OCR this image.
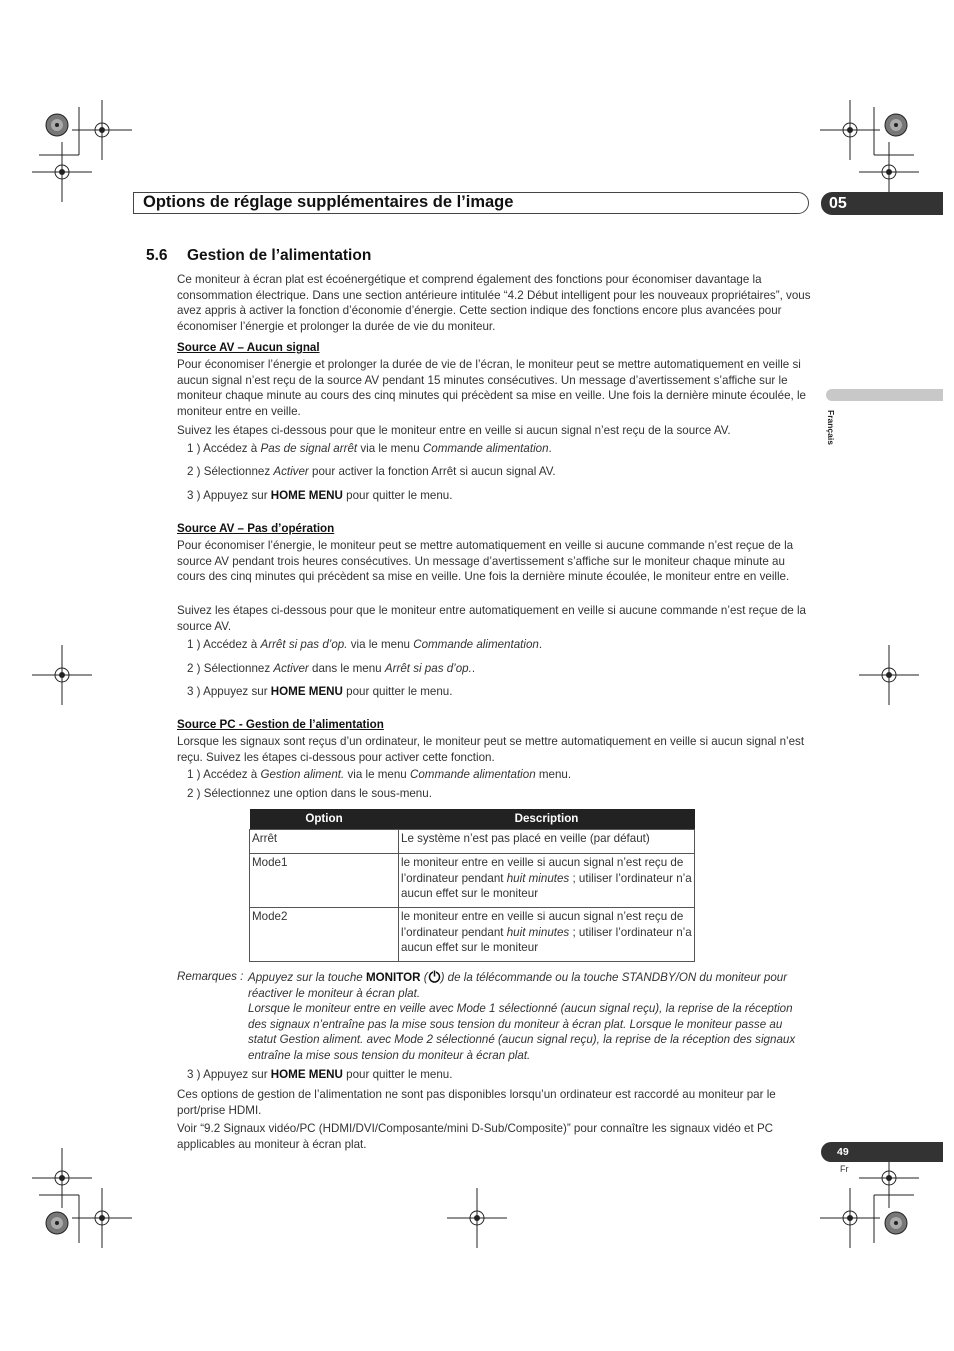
Options de réglage supplémentaires de l’image	05
Français
5.6 Gestion de l’alimentation

Ce moniteur à écran plat est écoénergétique et comprend également des fonctions pour économiser davantage la consommation électrique. Dans une section antérieure intitulée “4.2 Début intelligent pour les nouveaux propriétaires”, vous avez appris à activer la fonction d’économie d’énergie. Cette section indique des fonctions encore plus avancées pour économiser l’énergie et prolonger la durée de vie du moniteur.

Source AV – Aucun signal

Pour économiser l’énergie et prolonger la durée de vie de l’écran, le moniteur peut se mettre automatiquement en veille si aucun signal n’est reçu de la source AV pendant 15 minutes consécutives. Un message d’avertissement s’affiche sur le moniteur chaque minute au cours des cinq minutes qui précèdent sa mise en veille. Une fois la dernière minute écoulée, le moniteur entre en veille.

Suivez les étapes ci-dessous pour que le moniteur entre en veille si aucun signal n’est reçu de la source AV.

1 ) Accédez à Pas de signal arrêt via le menu Commande alimentation.
2 ) Sélectionnez Activer pour activer la fonction Arrêt si aucun signal AV.
3 ) Appuyez sur HOME MENU pour quitter le menu.
Source AV – Pas d’opération

Pour économiser l’énergie, le moniteur peut se mettre automatiquement en veille si aucune commande n’est reçue de la source AV pendant trois heures consécutives. Un message d’avertissement s’affiche sur le moniteur chaque minute au cours des cinq minutes qui précèdent sa mise en veille. Une fois la dernière minute écoulée, le moniteur entre en veille.

Suivez les étapes ci-dessous pour que le moniteur entre automatiquement en veille si aucune commande n’est reçue de la source AV.

1 ) Accédez à Arrêt si pas d’op. via le menu Commande alimentation.
2 ) Sélectionnez Activer dans le menu Arrêt si pas d’op..
3 ) Appuyez sur HOME MENU pour quitter le menu.
Source PC - Gestion de l’alimentation

Lorsque les signaux sont reçus d’un ordinateur, le moniteur peut se mettre automatiquement en veille si aucun signal n’est reçu. Suivez les étapes ci-dessous pour activer cette fonction.

1 ) Accédez à Gestion aliment. via le menu Commande alimentation menu.
2 ) Sélectionnez une option dans le sous-menu.
Option	Description
Arrêt	Le système n’est pas placé en veille (par défaut)
Mode1	le moniteur entre en veille si aucun signal n’est reçu de l’ordinateur pendant huit minutes ; utiliser l’ordinateur n’a aucun effet sur le moniteur
Mode2	le moniteur entre en veille si aucun signal n’est reçu de l’ordinateur pendant huit minutes ; utiliser l’ordinateur n’a aucun effet sur le moniteur
Remarques : Appuyez sur la touche MONITOR ( ) de la télécommande ou la touche STANDBY/ON du moniteur pour réactiver le moniteur à écran plat.

Lorsque le moniteur entre en veille avec Mode 1 sélectionné (aucun signal reçu), la reprise de la réception des signaux n’entraîne pas la mise sous tension du moniteur à écran plat. Lorsque le moniteur passe au statut Gestion aliment. avec Mode 2 sélectionné (aucun signal reçu), la reprise de la réception des signaux entraîne la mise sous tension du moniteur à écran plat.

3 ) Appuyez sur HOME MENU pour quitter le menu.

Ces options de gestion de l’alimentation ne sont pas disponibles lorsqu’un ordinateur est raccordé au moniteur par le port/prise HDMI.

Voir “9.2 Signaux vidéo/PC (HDMI/DVI/Composante/mini D-Sub/Composite)” pour connaître les signaux vidéo et PC applicables au moniteur à écran plat.

49
Fr
